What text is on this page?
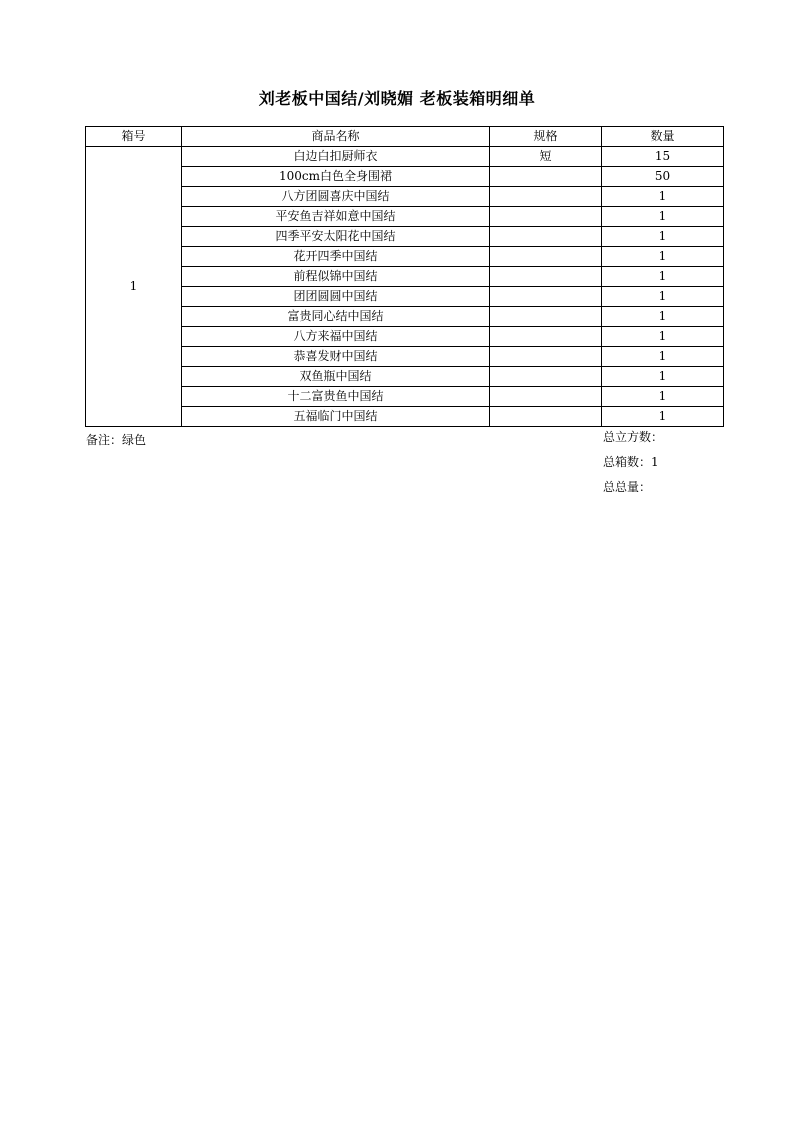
刘老板中国结/刘晓媚 老板装箱明细单
箱号	商品名称	规格	数量
1	白边白扣厨师衣	短	15
	100cm白色全身围裙		50
	八方团圆喜庆中国结		1
	平安鱼吉祥如意中国结		1
	四季平安太阳花中国结		1
	花开四季中国结		1
	前程似锦中国结		1
	团团圆圆中国结		1
	富贵同心结中国结		1
	八方来福中国结		1
	恭喜发财中国结		1
	双鱼瓶中国结		1
	十二富贵鱼中国结		1
	五福临门中国结		1
备注：绿色	总立方数：
总箱数：1
总总量：
